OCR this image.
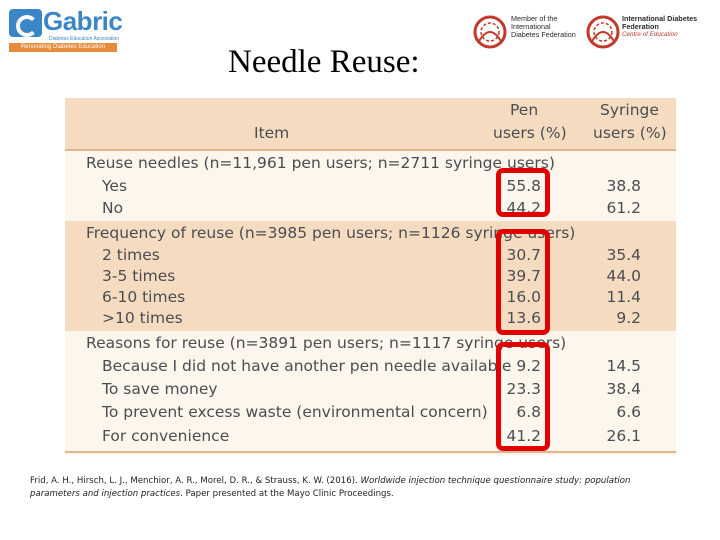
Gabric
Diabetes Education Association
Renovating Diabetes Education
Member of the
International
Diabetes Federation
International Diabetes
Federation
Centre of Education
Needle Reuse:
Item
Pen
users (%)
Syringe
users (%)
Reuse needles (n=11,961 pen users; n=2711 syringe users)
Yes	55.8	38.8
No	44.2	61.2
Frequency of reuse (n=3985 pen users; n=1126 syringe users)
2 times	30.7	35.4
3-5 times	39.7	44.0
6-10 times	16.0	11.4
>10 times	13.6	9.2
Reasons for reuse (n=3891 pen users; n=1117 syringe users)
Because I did not have another pen needle available 9.2	14.5
To save money	23.3	38.4
To prevent excess waste (environmental concern)	6.8	6.6
For convenience	41.2	26.1
Frid, A. H., Hirsch, L. J., Menchior, A. R., Morel, D. R., & Strauss, K. W. (2016). Worldwide injection technique questionnaire study: population parameters and injection practices. Paper presented at the Mayo Clinic Proceedings.
